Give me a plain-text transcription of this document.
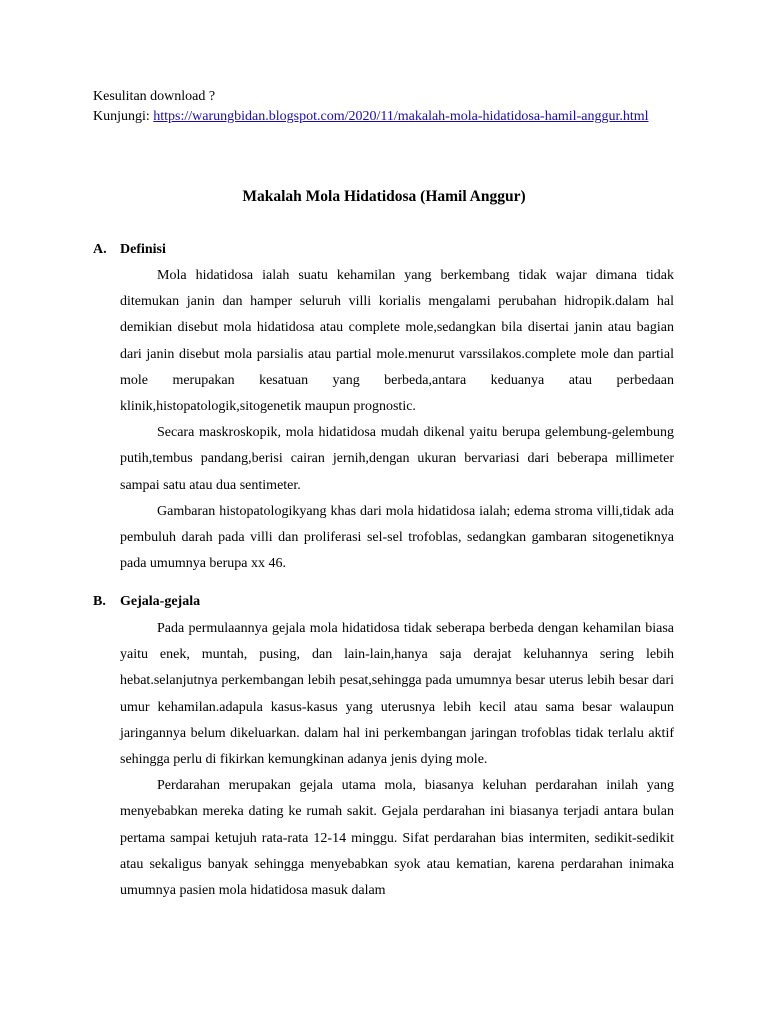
Kesulitan download ?
Kunjungi: https://warungbidan.blogspot.com/2020/11/makalah-mola-hidatidosa-hamil-anggur.html
Makalah Mola Hidatidosa (Hamil Anggur)
A. Definisi

Mola hidatidosa ialah suatu kehamilan yang berkembang tidak wajar dimana tidak ditemukan janin dan hamper seluruh villi korialis mengalami perubahan hidropik.dalam hal demikian disebut mola hidatidosa atau complete mole,sedangkan bila disertai janin atau bagian dari janin disebut mola parsialis atau partial mole.menurut varssilakos.complete mole dan partial mole merupakan kesatuan yang berbeda,antara keduanya atau perbedaan klinik,histopatologik,sitogenetik maupun prognostic.

Secara maskroskopik, mola hidatidosa mudah dikenal yaitu berupa gelembung-gelembung putih,tembus pandang,berisi cairan jernih,dengan ukuran bervariasi dari beberapa millimeter sampai satu atau dua sentimeter.

Gambaran histopatologikyang khas dari mola hidatidosa ialah; edema stroma villi,tidak ada pembuluh darah pada villi dan proliferasi sel-sel trofoblas, sedangkan gambaran sitogenetiknya pada umumnya berupa xx 46.

B. Gejala-gejala

Pada permulaannya gejala mola hidatidosa tidak seberapa berbeda dengan kehamilan biasa yaitu enek, muntah, pusing, dan lain-lain,hanya saja derajat keluhannya sering lebih hebat.selanjutnya perkembangan lebih pesat,sehingga pada umumnya besar uterus lebih besar dari umur kehamilan.adapula kasus-kasus yang uterusnya lebih kecil atau sama besar walaupun jaringannya belum dikeluarkan. dalam hal ini perkembangan jaringan trofoblas tidak terlalu aktif sehingga perlu di fikirkan kemungkinan adanya jenis dying mole.

Perdarahan merupakan gejala utama mola, biasanya keluhan perdarahan inilah yang menyebabkan mereka dating ke rumah sakit. Gejala perdarahan ini biasanya terjadi antara bulan pertama sampai ketujuh rata-rata 12-14 minggu. Sifat perdarahan bias intermiten, sedikit-sedikit atau sekaligus banyak sehingga menyebabkan syok atau kematian, karena perdarahan inimaka umumnya pasien mola hidatidosa masuk dalam
